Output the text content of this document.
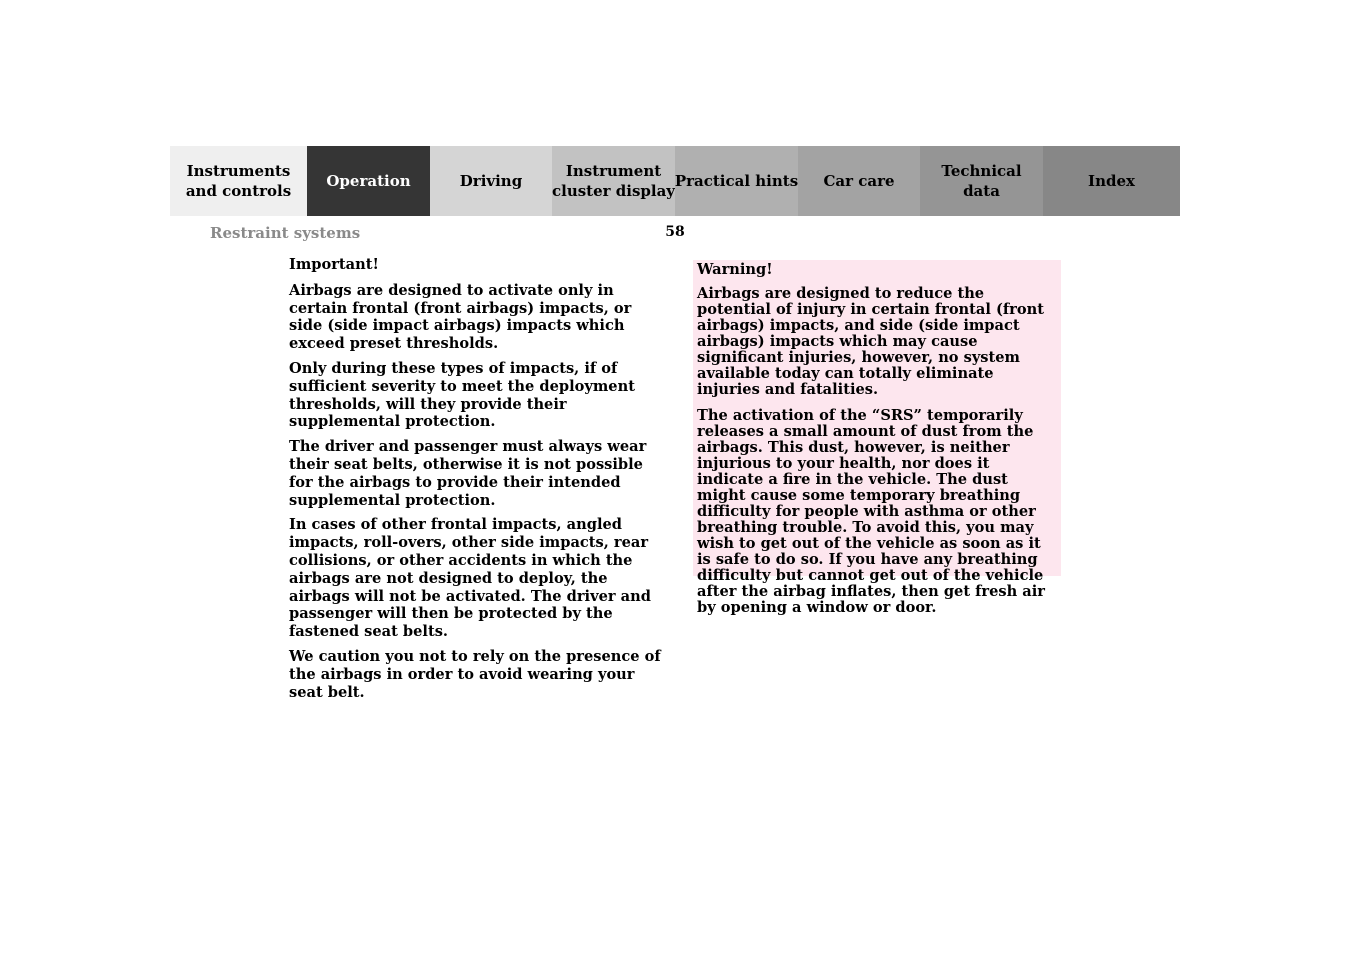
Instruments
and controls
Operation	Driving
Instrument
cluster display
Practical hints Car care
Technical
data
Index
Restraint systems	58

Important!

Airbags are designed to activate only in certain frontal (front airbags) impacts, or side (side impact airbags) impacts which exceed preset thresholds.

Only during these types of impacts, if of sufficient severity to meet the deployment thresholds, will they provide their supplemental protection.

The driver and passenger must always wear their seat belts, otherwise it is not possible for the airbags to provide their intended supplemental protection.

In cases of other frontal impacts, angled impacts, roll-overs, other side impacts, rear collisions, or other accidents in which the airbags are not designed to deploy, the airbags will not be activated. The driver and passenger will then be protected by the fastened seat belts.

We caution you not to rely on the presence of the airbags in order to avoid wearing your seat belt.

Warning!

Airbags are designed to reduce the potential of injury in certain frontal (front airbags) impacts, and side (side impact airbags) impacts which may cause significant injuries, however, no system available today can totally eliminate injuries and fatalities.

The activation of the “SRS” temporarily releases a small amount of dust from the airbags. This dust, however, is neither injurious to your health, nor does it indicate a fire in the vehicle. The dust might cause some temporary breathing difficulty for people with asthma or other breathing trouble. To avoid this, you may wish to get out of the vehicle as soon as it is safe to do so. If you have any breathing difficulty but cannot get out of the vehicle after the airbag inflates, then get fresh air by opening a window or door.
